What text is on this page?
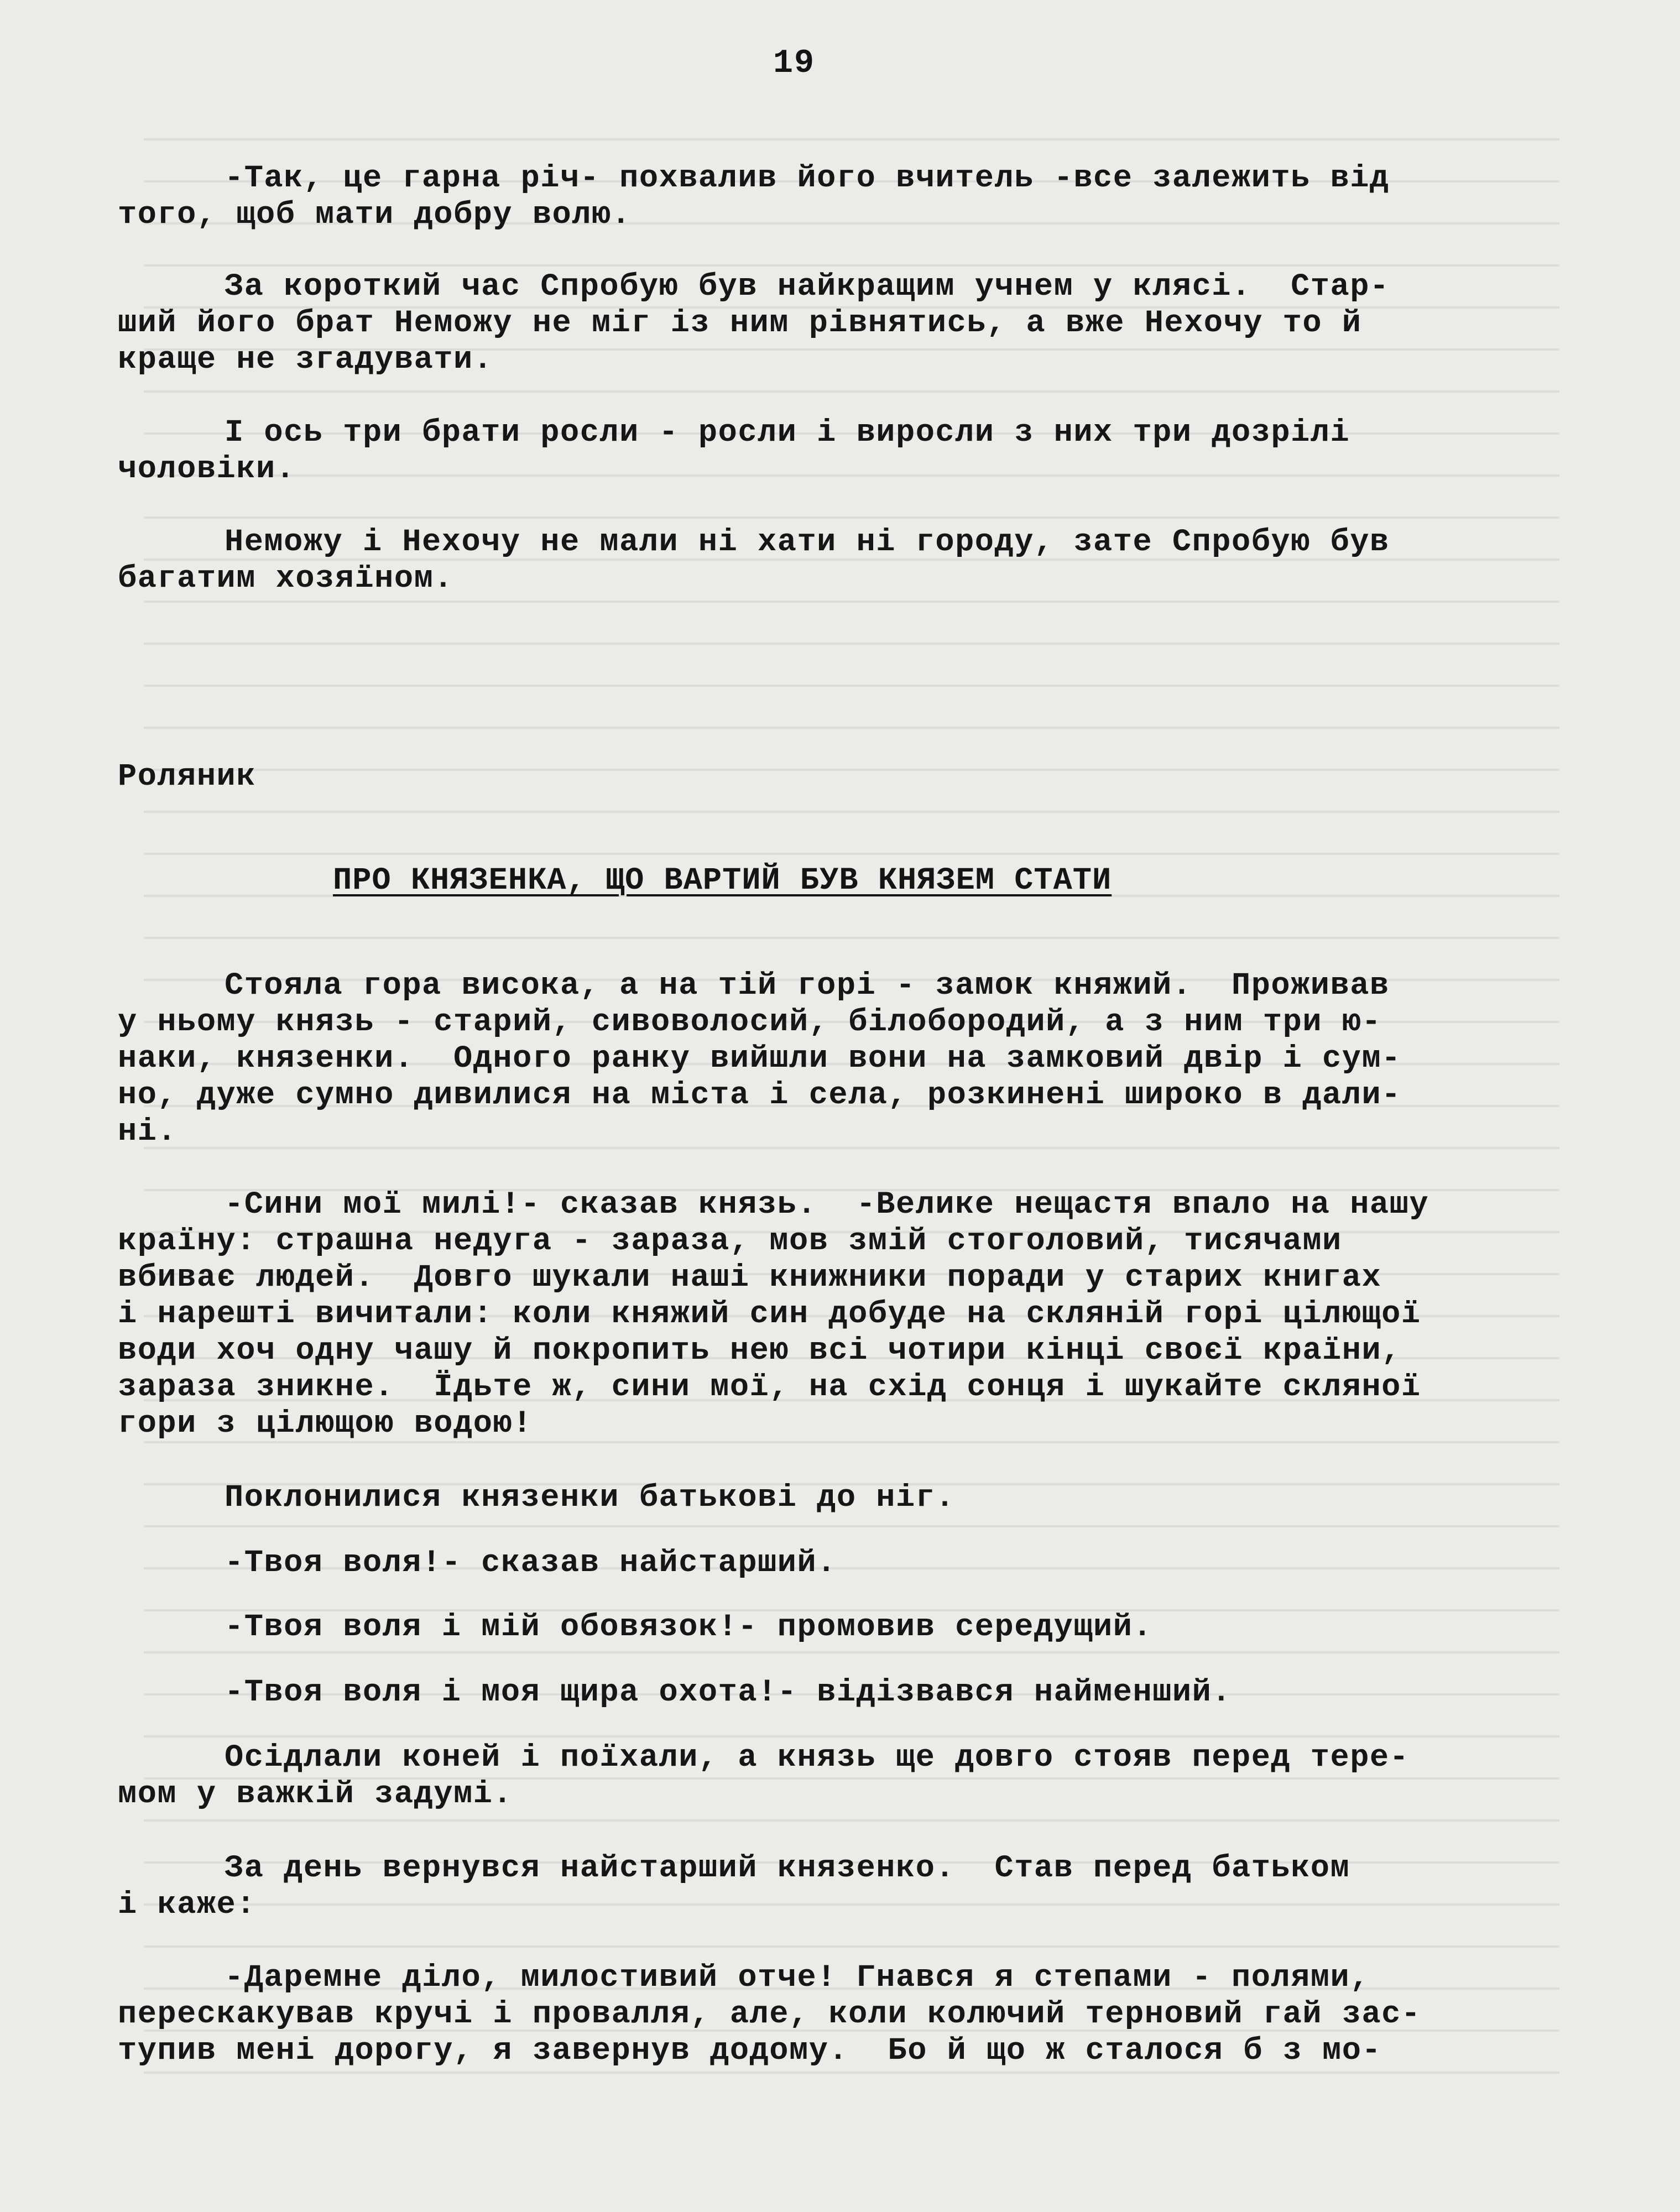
19

-Так, це гарна річ- похвалив його вчитель -все залежить від

того, щоб мати добру волю.

За короткий час Спробую був найкращим учнем у клясі.  Стар-

ший його брат Неможу не міг із ним рівнятись, а вже Нехочу то й

краще не згадувати.

І ось три брати росли - росли і виросли з них три дозрілі

чоловіки.

Неможу і Нехочу не мали ні хати ні городу, зате Спробую був

багатим хозяїном.

Роляник

ПРО КНЯЗЕНКА, ЩО ВАРТИЙ БУВ КНЯЗЕМ СТАТИ

Стояла гора висока, а на тій горі - замок княжий.  Проживав

у ньому князь - старий, сивоволосий, білобородий, а з ним три ю-

наки, князенки.  Одного ранку вийшли вони на замковий двір і сум-

но, дуже сумно дивилися на міста і села, розкинені широко в дали-

ні.

-Сини мої милі!- сказав князь.  -Велике нещастя впало на нашу

країну: страшна недуга - зараза, мов змій стоголовий, тисячами

вбиває людей.  Довго шукали наші книжники поради у старих книгах

і нарешті вичитали: коли княжий син добуде на скляній горі цілющої

води хоч одну чашу й покропить нею всі чотири кінці своєї країни,

зараза зникне.  Їдьте ж, сини мої, на схід сонця і шукайте скляної

гори з цілющою водою!

Поклонилися князенки батькові до ніг.

-Твоя воля!- сказав найстарший.

-Твоя воля і мій обовязок!- промовив середущий.

-Твоя воля і моя щира охота!- відізвався найменший.

Осідлали коней і поїхали, а князь ще довго стояв перед тере-

мом у важкій задумі.

За день вернувся найстарший князенко.  Став перед батьком

і каже:

-Даремне діло, милостивий отче! Гнався я степами - полями,

перескакував кручі і провалля, але, коли колючий терновий гай зас-

тупив мені дорогу, я завернув додому.  Бо й що ж сталося б з мо-
